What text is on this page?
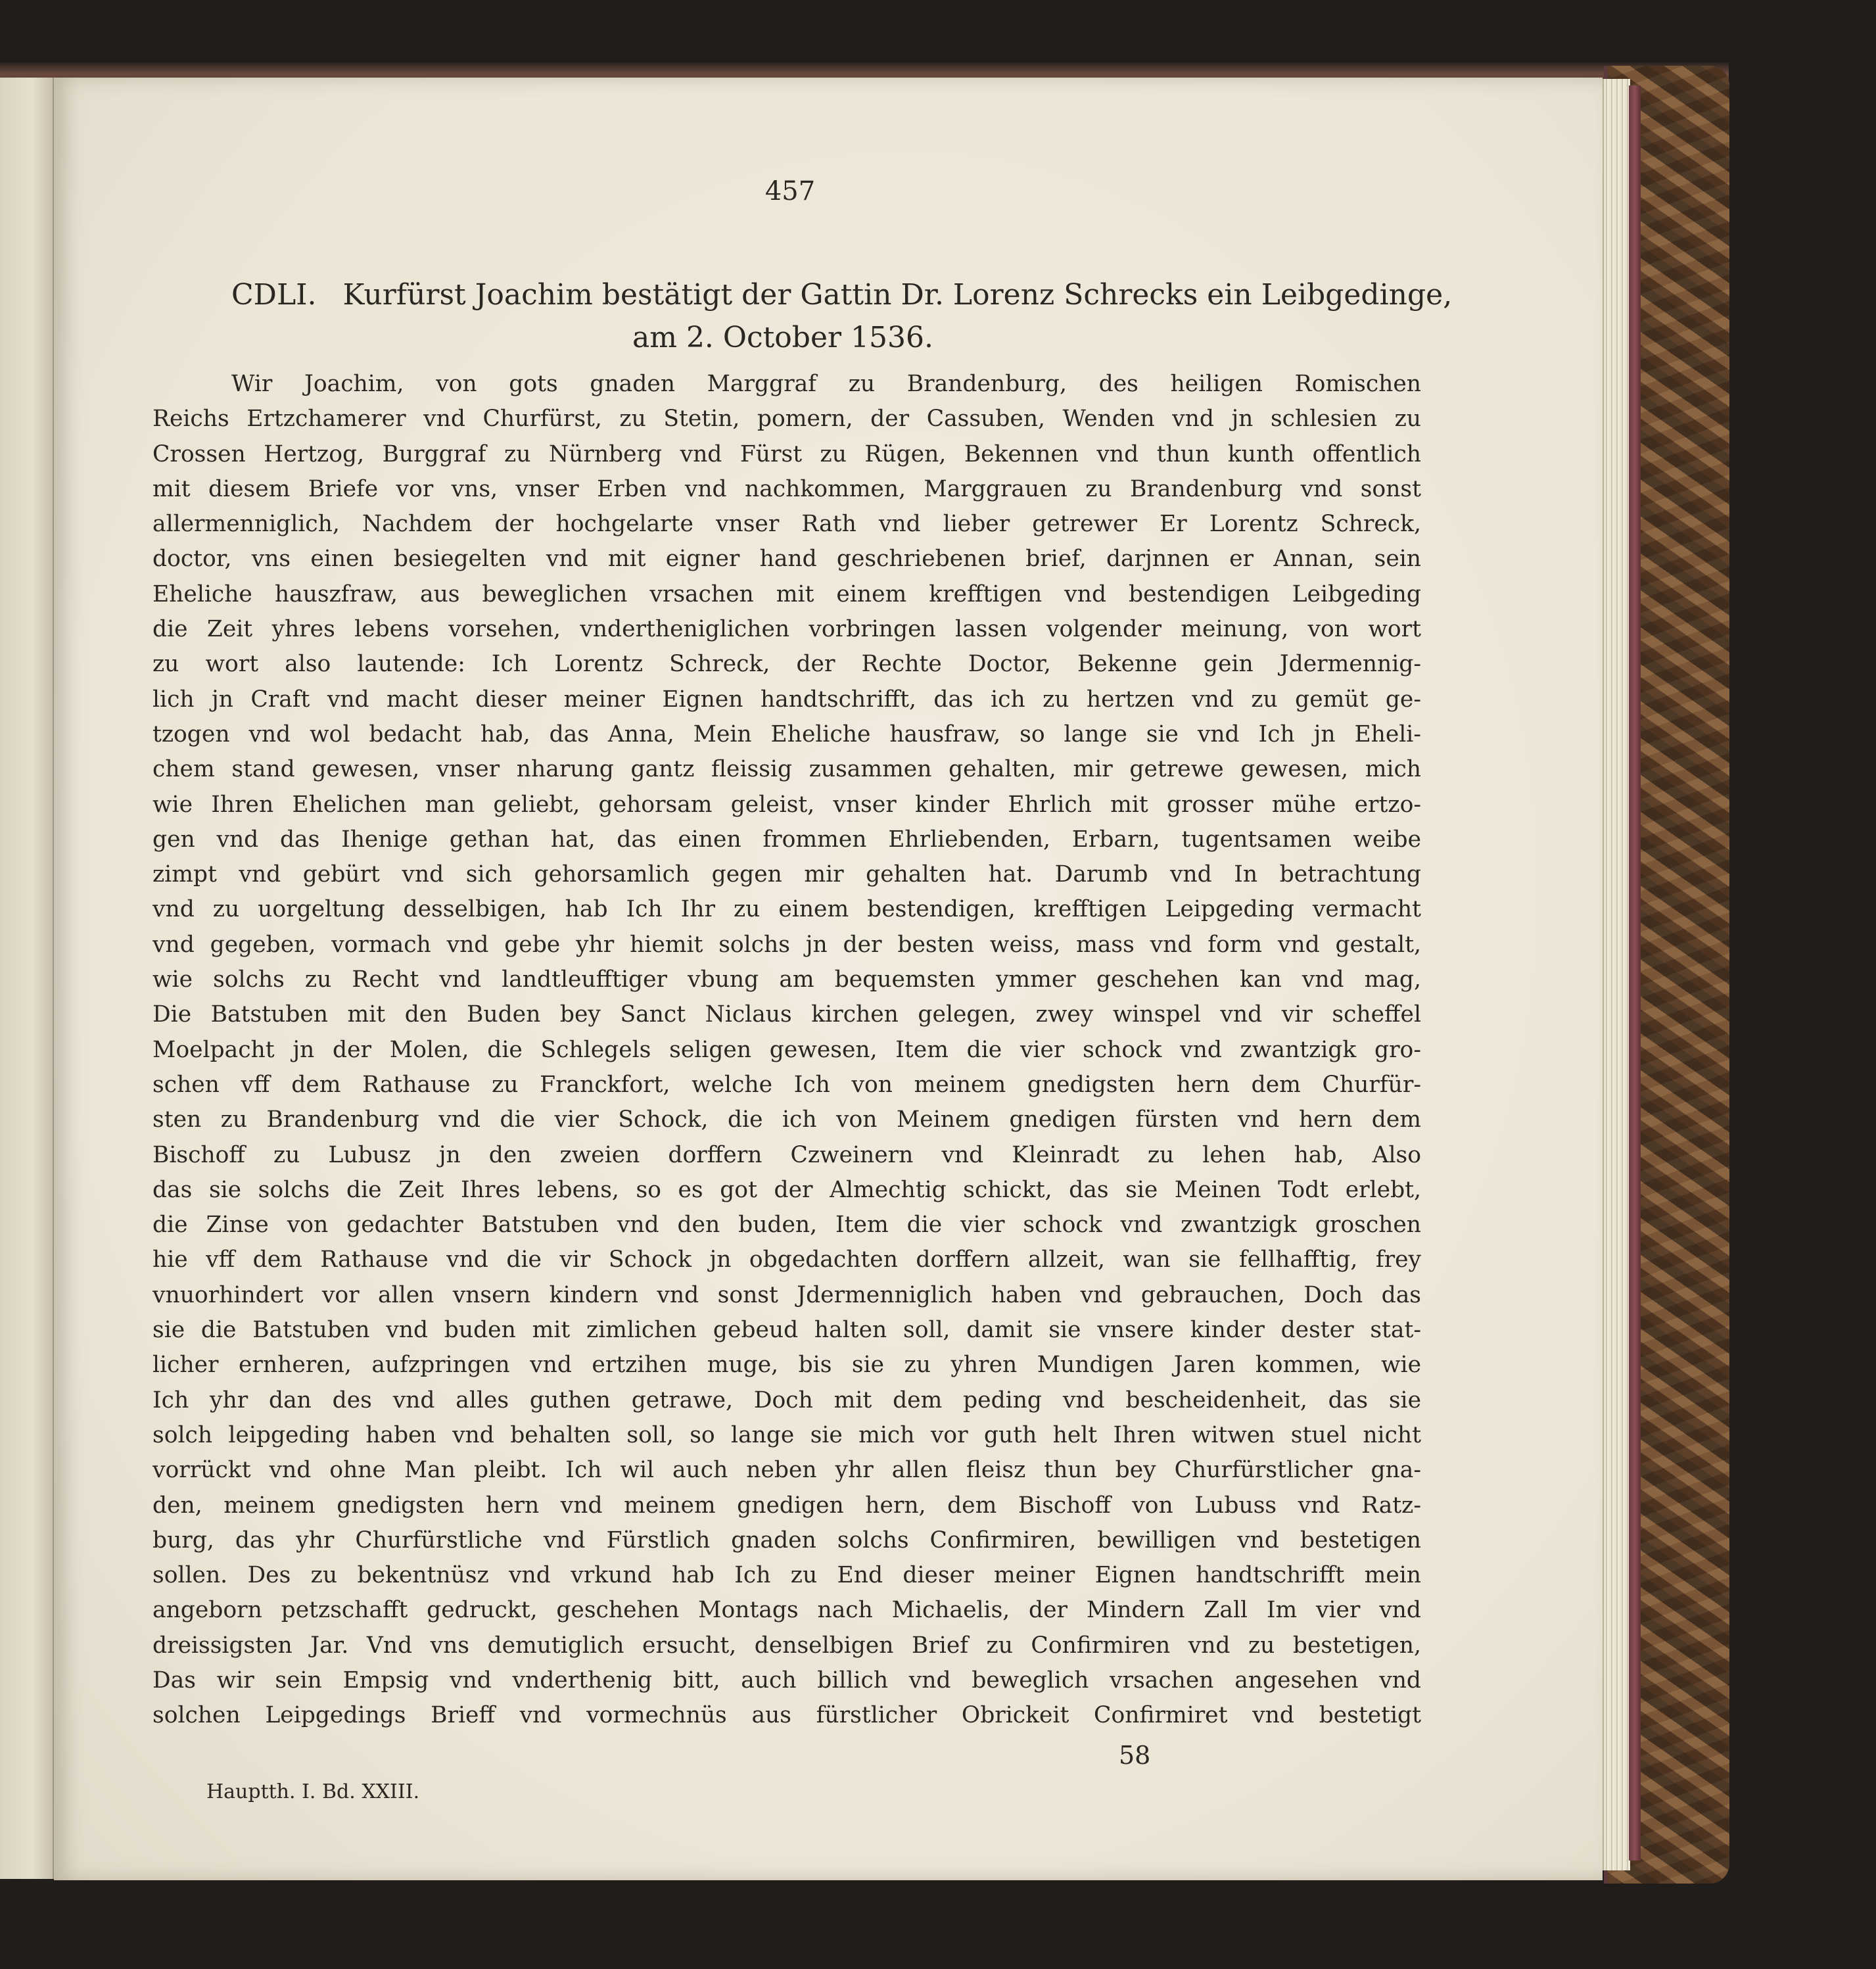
457

CDLI. Kurfürst Joachim bestätigt der Gattin Dr. Lorenz Schrecks ein Leibgedinge,

am 2. October 1536.

Wir Joachim, von gots gnaden Marggraf zu Brandenburg, des heiligen Romischen
Reichs Ertzchamerer vnd Churfürst, zu Stetin, pomern, der Cassuben, Wenden vnd jn schlesien zu
Crossen Hertzog, Burggraf zu Nürnberg vnd Fürst zu Rügen, Bekennen vnd thun kunth offentlich
mit diesem Briefe vor vns, vnser Erben vnd nachkommen, Marggrauen zu Brandenburg vnd sonst
allermenniglich, Nachdem der hochgelarte vnser Rath vnd lieber getrewer Er Lorentz Schreck,
doctor, vns einen besiegelten vnd mit eigner hand geschriebenen brief, darjnnen er Annan, sein
Eheliche hauszfraw, aus beweglichen vrsachen mit einem krefftigen vnd bestendigen Leibgeding
die Zeit yhres lebens vorsehen, vndertheniglichen vorbringen lassen volgender meinung, von wort
zu wort also lautende: Ich Lorentz Schreck, der Rechte Doctor, Bekenne gein Jdermennig-
lich jn Craft vnd macht dieser meiner Eignen handtschrifft, das ich zu hertzen vnd zu gemüt ge-
tzogen vnd wol bedacht hab, das Anna, Mein Eheliche hausfraw, so lange sie vnd Ich jn Eheli-
chem stand gewesen, vnser nharung gantz fleissig zusammen gehalten, mir getrewe gewesen, mich
wie Ihren Ehelichen man geliebt, gehorsam geleist, vnser kinder Ehrlich mit grosser mühe ertzo-
gen vnd das Ihenige gethan hat, das einen frommen Ehrliebenden, Erbarn, tugentsamen weibe
zimpt vnd gebürt vnd sich gehorsamlich gegen mir gehalten hat. Darumb vnd In betrachtung
vnd zu uorgeltung desselbigen, hab Ich Ihr zu einem bestendigen, krefftigen Leipgeding vermacht
vnd gegeben, vormach vnd gebe yhr hiemit solchs jn der besten weiss, mass vnd form vnd gestalt,
wie solchs zu Recht vnd landtleufftiger vbung am bequemsten ymmer geschehen kan vnd mag,
Die Batstuben mit den Buden bey Sanct Niclaus kirchen gelegen, zwey winspel vnd vir scheffel
Moelpacht jn der Molen, die Schlegels seligen gewesen, Item die vier schock vnd zwantzigk gro-
schen vff dem Rathause zu Franckfort, welche Ich von meinem gnedigsten hern dem Churfür-
sten zu Brandenburg vnd die vier Schock, die ich von Meinem gnedigen fürsten vnd hern dem
Bischoff zu Lubusz jn den zweien dorffern Czweinern vnd Kleinradt zu lehen hab, Also
das sie solchs die Zeit Ihres lebens, so es got der Almechtig schickt, das sie Meinen Todt erlebt,
die Zinse von gedachter Batstuben vnd den buden, Item die vier schock vnd zwantzigk groschen
hie vff dem Rathause vnd die vir Schock jn obgedachten dorffern allzeit, wan sie fellhafftig, frey
vnuorhindert vor allen vnsern kindern vnd sonst Jdermenniglich haben vnd gebrauchen, Doch das
sie die Batstuben vnd buden mit zimlichen gebeud halten soll, damit sie vnsere kinder dester stat-
licher ernheren, aufzpringen vnd ertzihen muge, bis sie zu yhren Mundigen Jaren kommen, wie
Ich yhr dan des vnd alles guthen getrawe, Doch mit dem peding vnd bescheidenheit, das sie
solch leipgeding haben vnd behalten soll, so lange sie mich vor guth helt Ihren witwen stuel nicht
vorrückt vnd ohne Man pleibt. Ich wil auch neben yhr allen fleisz thun bey Churfürstlicher gna-
den, meinem gnedigsten hern vnd meinem gnedigen hern, dem Bischoff von Lubuss vnd Ratz-
burg, das yhr Churfürstliche vnd Fürstlich gnaden solchs Confirmiren, bewilligen vnd bestetigen
sollen. Des zu bekentnüsz vnd vrkund hab Ich zu End dieser meiner Eignen handtschrifft mein
angeborn petzschafft gedruckt, geschehen Montags nach Michaelis, der Mindern Zall Im vier vnd
dreissigsten Jar. Vnd vns demutiglich ersucht, denselbigen Brief zu Confirmiren vnd zu bestetigen,
Das wir sein Empsig vnd vnderthenig bitt, auch billich vnd beweglich vrsachen angesehen vnd
solchen Leipgedings Brieff vnd vormechnüs aus fürstlicher Obrickeit Confirmiret vnd bestetigt

58

Hauptth. I. Bd. XXIII.
